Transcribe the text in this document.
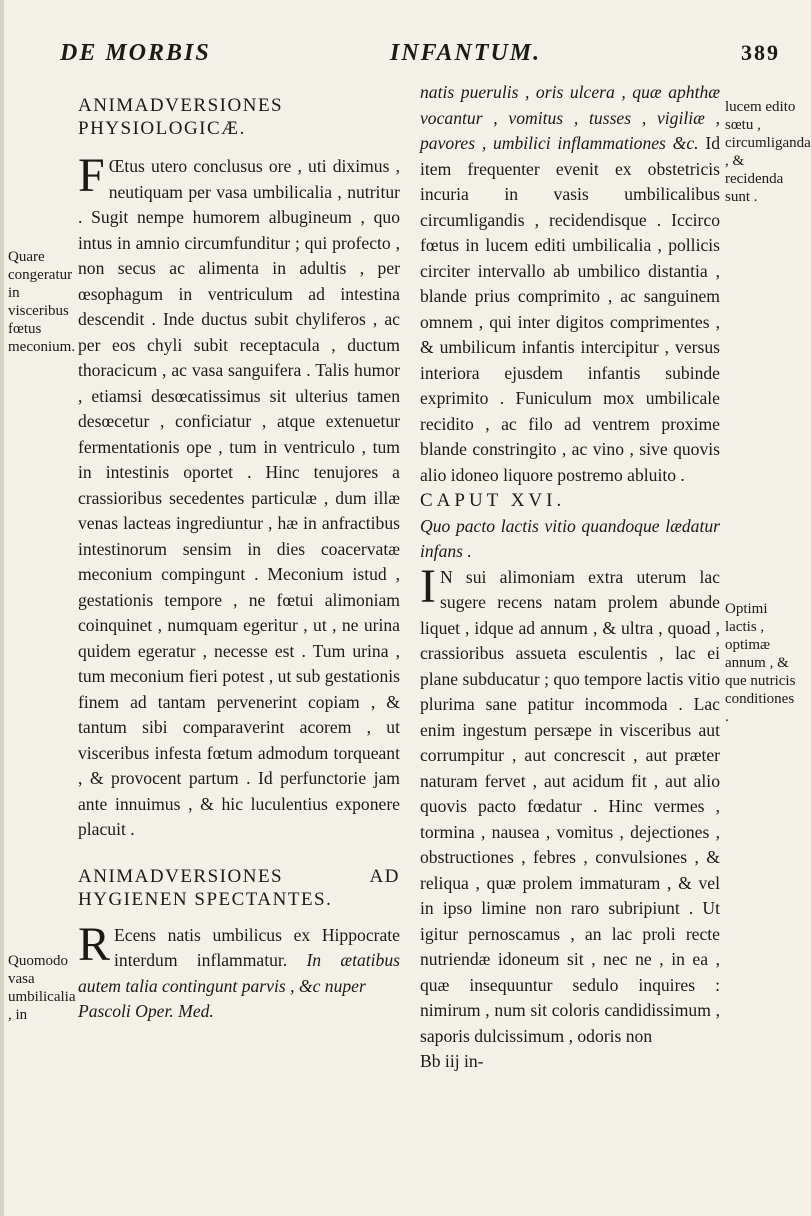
DE MORBIS	INFANTUM.	389
Quare congeratur in visceribus fœtus meconium.
Quomodo vasa umbilicalia , in
lucem edito sœtu , circumliganda , & recidenda sunt .
Optimi lactis , optimæ annum , & que nutricis conditiones .

ANIMADVERSIONES PHYSIOLOGICÆ.

F Œtus utero conclusus ore , uti diximus , neutiquam per vasa umbilicalia , nutritur . Sugit nempe humorem albugineum , quo intus in amnio circumfunditur ; qui profecto , non secus ac alimenta in adultis , per œsophagum in ventriculum ad intestina descendit . Inde ductus subit chyliferos , ac per eos chyli subit receptacula , ductum thoracicum , ac vasa sanguifera . Talis humor , etiamsi desœcatissimus sit ulterius tamen desœcetur , conficiatur , atque extenuetur fermentationis ope , tum in ventriculo , tum in intestinis oportet . Hinc tenujores a crassioribus secedentes particulæ , dum illæ venas lacteas ingrediuntur , hæ in anfractibus intestinorum sensim in dies coacervatæ meconium compingunt . Meconium istud , gestationis tempore , ne fœtui alimoniam coinquinet , numquam egeritur , ut , ne urina quidem egeratur , necesse est . Tum urina , tum meconium fieri potest , ut sub gestationis finem ad tantam pervenerint copiam , & tantum sibi comparaverint acorem , ut visceribus infesta fœtum admodum torqueant , & provocent partum . Id perfunctorie jam ante innuimus , & hic luculentius exponere placuit .

ANIMADVERSIONES AD HYGIENEN SPECTANTES.

R Ecens natis umbilicus ex Hippocrate interdum inflammatur. In ætatibus autem talia contingunt parvis , &c nuper

Pascoli Oper. Med.

natis puerulis , oris ulcera , quæ aphthæ vocantur , vomitus , tusses , vigiliæ , pavores , umbilici inflammationes &c. Id item frequenter evenit ex obstetricis incuria in vasis umbilicalibus circumligandis , recidendisque . Iccirco fœtus in lucem editi umbilicalia , pollicis circiter intervallo ab umbilico distantia , blande prius comprimito , ac sanguinem omnem , qui inter digitos comprimentes , & umbilicum infantis intercipitur , versus interiora ejusdem infantis subinde exprimito . Funiculum mox umbilicale recidito , ac filo ad ventrem proxime blande constringito , ac vino , sive quovis alio idoneo liquore postremo abluito .

CAPUT XVI.

Quo pacto lactis vitio quandoque lædatur infans .

I N sui alimoniam extra uterum lac sugere recens natam prolem abunde liquet , idque ad annum , & ultra , quoad , crassioribus assueta esculentis , lac ei plane subducatur ; quo tempore lactis vitio plurima sane patitur incommoda . Lac enim ingestum persæpe in visceribus aut corrumpitur , aut concrescit , aut præter naturam fervet , aut acidum fit , aut alio quovis pacto fœdatur . Hinc vermes , tormina , nausea , vomitus , dejectiones , obstructiones , febres , convulsiones , & reliqua , quæ prolem immaturam , & vel in ipso limine non raro subripiunt . Ut igitur pernoscamus , an lac proli recte nutriendæ idoneum sit , nec ne , in ea , quæ insequuntur sedulo inquires : nimirum , num sit coloris candidissimum , saporis dulcissimum , odoris non

Bb iij in-
